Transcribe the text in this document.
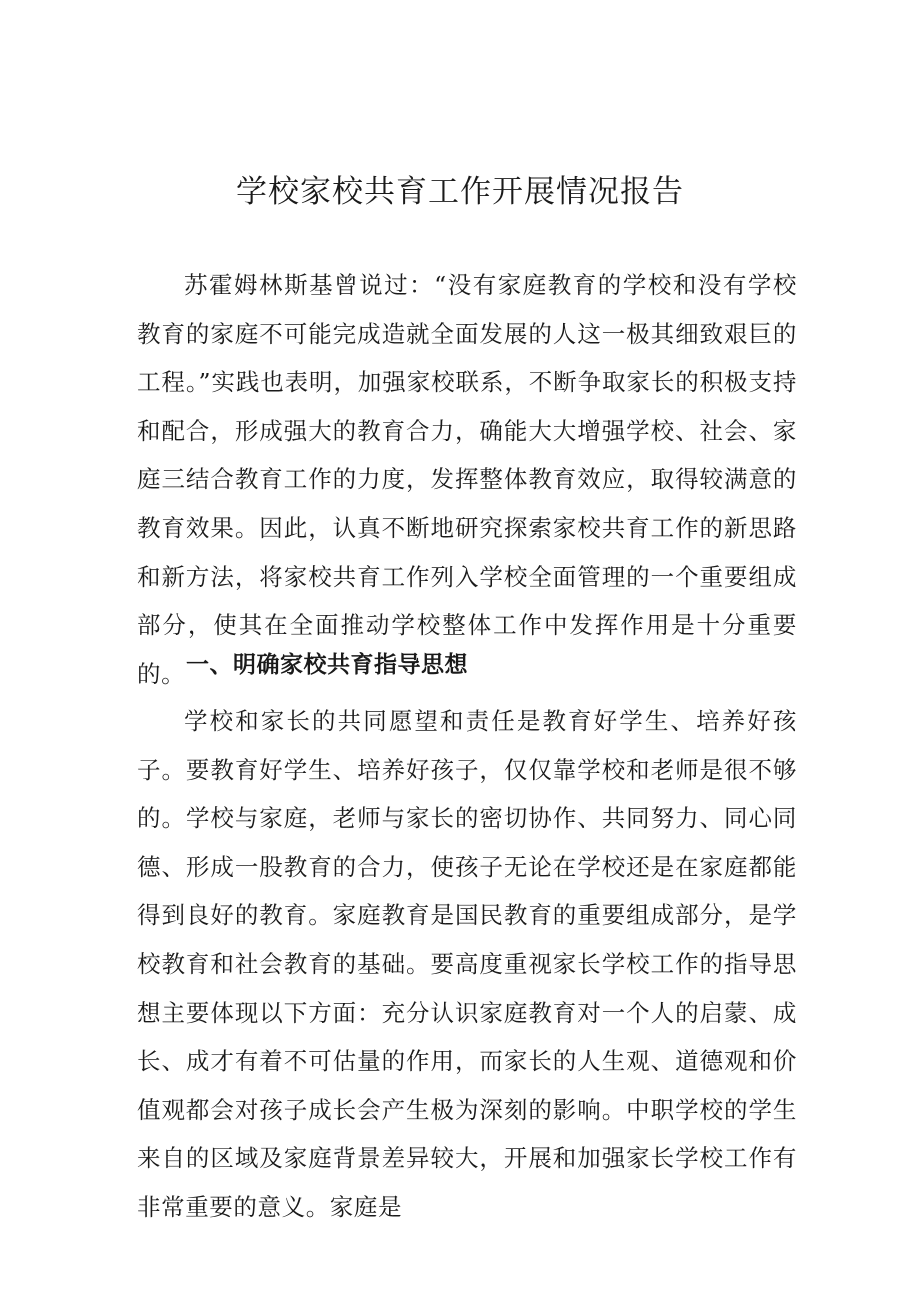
学校家校共育工作开展情况报告

苏霍姆林斯基曾说过：“没有家庭教育的学校和没有学校教育的家庭不可能完成造就全面发展的人这一极其细致艰巨的工程。”实践也表明，加强家校联系，不断争取家长的积极支持和配合，形成强大的教育合力，确能大大增强学校、社会、家庭三结合教育工作的力度，发挥整体教育效应，取得较满意的教育效果。因此，认真不断地研究探索家校共育工作的新思路和新方法，将家校共育工作列入学校全面管理的一个重要组成部分，使其在全面推动学校整体工作中发挥作用是十分重要的。 一、明确家校共育指导思想

学校和家长的共同愿望和责任是教育好学生、培养好孩子。要教育好学生、培养好孩子，仅仅靠学校和老师是很不够的。学校与家庭，老师与家长的密切协作、共同努力、同心同德、形成一股教育的合力，使孩子无论在学校还是在家庭都能得到良好的教育。家庭教育是国民教育的重要组成部分，是学校教育和社会教育的基础。要高度重视家长学校工作的指导思想主要体现以下方面：充分认识家庭教育对一个人的启蒙、成长、成才有着不可估量的作用，而家长的人生观、道德观和价值观都会对孩子成长会产生极为深刻的影响。中职学校的学生来自的区域及家庭背景差异较大，开展和加强家长学校工作有非常重要的意义。家庭是
